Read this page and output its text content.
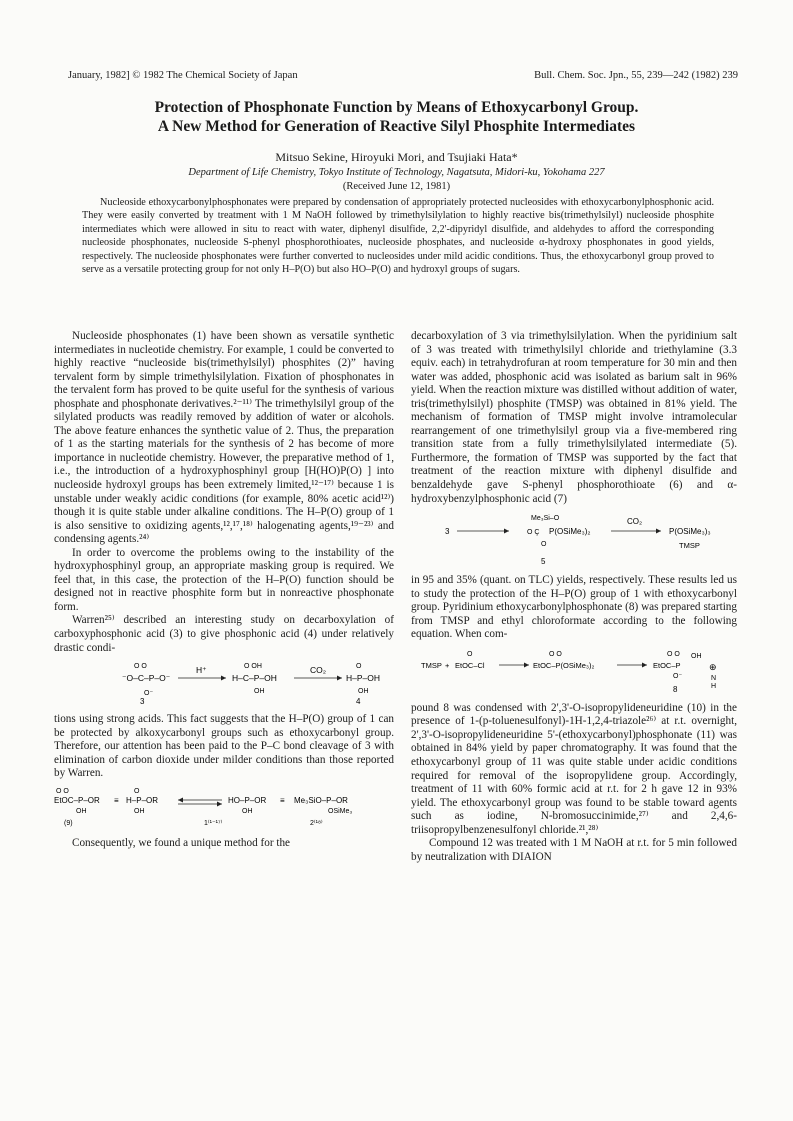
January, 1982] © 1982 The Chemical Society of Japan	Bull. Chem. Soc. Jpn., 55, 239—242 (1982) 239
Protection of Phosphonate Function by Means of Ethoxycarbonyl Group.
A New Method for Generation of Reactive Silyl Phosphite Intermediates
Mitsuo Sekine, Hiroyuki Mori, and Tsujiaki Hata*
Department of Life Chemistry, Tokyo Institute of Technology, Nagatsuta, Midori-ku, Yokohama 227
(Received June 12, 1981)
Nucleoside ethoxycarbonylphosphonates were prepared by condensation of appropriately protected nucleosides with ethoxycarbonylphosphonic acid. They were easily converted by treatment with 1 M NaOH followed by trimethylsilylation to highly reactive bis(trimethylsilyl) nucleoside phosphite intermediates which were allowed in situ to react with water, diphenyl disulfide, 2,2'-dipyridyl disulfide, and aldehydes to afford the corresponding nucleoside phosphonates, nucleoside S-phenyl phosphorothioates, nucleoside phosphates, and nucleoside α-hydroxy phosphonates in good yields, respectively. The nucleoside phosphonates were further converted to nucleosides under mild acidic conditions. Thus, the ethoxycarbonyl group proved to serve as a versatile protecting group for not only H–P(O) but also HO–P(O) and hydroxyl groups of sugars.

Nucleoside phosphonates (1) have been shown as versatile synthetic intermediates in nucleotide chemistry. For example, 1 could be converted to highly reactive “nucleoside bis(trimethylsilyl) phosphites (2)” having tervalent form by simple trimethylsilylation. Fixation of phosphonates in the tervalent form has proved to be quite useful for the synthesis of various phosphate and phosphonate derivatives.²⁻¹¹⁾ The trimethylsilyl group of the silylated products was readily removed by addition of water or alcohols. The above feature enhances the synthetic value of 2. Thus, the preparation of 1 as the starting materials for the synthesis of 2 has become of more importance in nucleotide chemistry. However, the preparative method of 1, i.e., the introduction of a hydroxyphosphinyl group [H(HO)P(O) ] into nucleoside hydroxyl groups has been extremely limited,¹²⁻¹⁷⁾ because 1 is unstable under weakly acidic conditions (for example, 80% acetic acid¹²⁾) though it is quite stable under alkaline conditions. The H–P(O) group of 1 is also sensitive to oxidizing agents,¹²,¹⁷,¹⁸⁾ halogenating agents,¹⁹⁻²³⁾ and condensing agents.²⁴⁾

In order to overcome the problems owing to the instability of the hydroxyphosphinyl group, an appropriate masking group is required. We feel that, in this case, the protection of the H–P(O) function should be designed not in reactive phosphite form but in nonreactive phosphonate form.

Warren²⁵⁾ described an interesting study on decarboxylation of carboxyphosphonic acid (3) to give phosphonic acid (4) under relatively drastic condi-

⁻O–C–P–O⁻
O O
O⁻
3
H⁺
H–C–P–OH
O OH
OH
CO₂
H–P–OH
O
OH
4

tions using strong acids. This fact suggests that the H–P(O) group of 1 can be protected by alkoxycarbonyl groups such as ethoxycarbonyl group. Therefore, our attention has been paid to the P–C bond cleavage of 3 with elimination of carbon dioxide under milder conditions than those reported by Warren.

O O
EtOC–P–OR
OH
(9)
≡
O
H–P–OR
OH
1⁽¹⁻¹⁷⁾
HO–P–OR
OH
≡ Me₃SiO–P–OR
OSiMe₃
2⁽¹⁸⁾

Consequently, we found a unique method for the

decarboxylation of 3 via trimethylsilylation. When the pyridinium salt of 3 was treated with trimethylsilyl chloride and triethylamine (3.3 equiv. each) in tetrahydrofuran at room temperature for 30 min and then water was added, phosphonic acid was isolated as barium salt in 96% yield. When the reaction mixture was distilled without addition of water, tris(trimethylsilyl) phosphite (TMSP) was obtained in 81% yield. The mechanism of formation of TMSP might involve intramolecular rearrangement of one trimethylsilyl group via a five-membered ring transition state from a fully trimethylsilylated intermediate (5). Furthermore, the formation of TMSP was supported by the fact that treatment of the reaction mixture with diphenyl disulfide and benzaldehyde gave S-phenyl phosphorothioate (6) and α-hydroxybenzylphosphonic acid (7)

3
Me₃Si–O
O Ç P(OSiMe₃)₂
O
5
CO₂
P(OSiMe₃)₃
TMSP

in 95 and 35% (quant. on TLC) yields, respectively. These results led us to study the protection of the H–P(O) group of 1 with ethoxycarbonyl group. Pyridinium ethoxycarbonylphosphonate (8) was prepared starting from TMSP and ethyl chloroformate according to the following equation. When com-

TMSP +
O
EtOC–Cl
O O
EtOC–P(OSiMe₃)₂
O O
EtOC–P
OH
O⁻
⊕
N
H
8

pound 8 was condensed with 2',3'-O-isopropylideneuridine (10) in the presence of 1-(p-toluenesulfonyl)-1H-1,2,4-triazole²⁶⁾ at r.t. overnight, 2',3'-O-isopropylideneuridine 5'-(ethoxycarbonyl)phosphonate (11) was obtained in 84% yield by paper chromatography. It was found that the ethoxycarbonyl group of 11 was quite stable under acidic conditions required for removal of the isopropylidene group. Accordingly, treatment of 11 with 60% formic acid at r.t. for 2 h gave 12 in 93% yield. The ethoxycarbonyl group was found to be stable toward agents such as iodine, N-bromosuccinimide,²⁷⁾ and 2,4,6-triisopropylbenzenesulfonyl chloride.²¹,²⁸⁾

Compound 12 was treated with 1 M NaOH at r.t. for 5 min followed by neutralization with DIAION
